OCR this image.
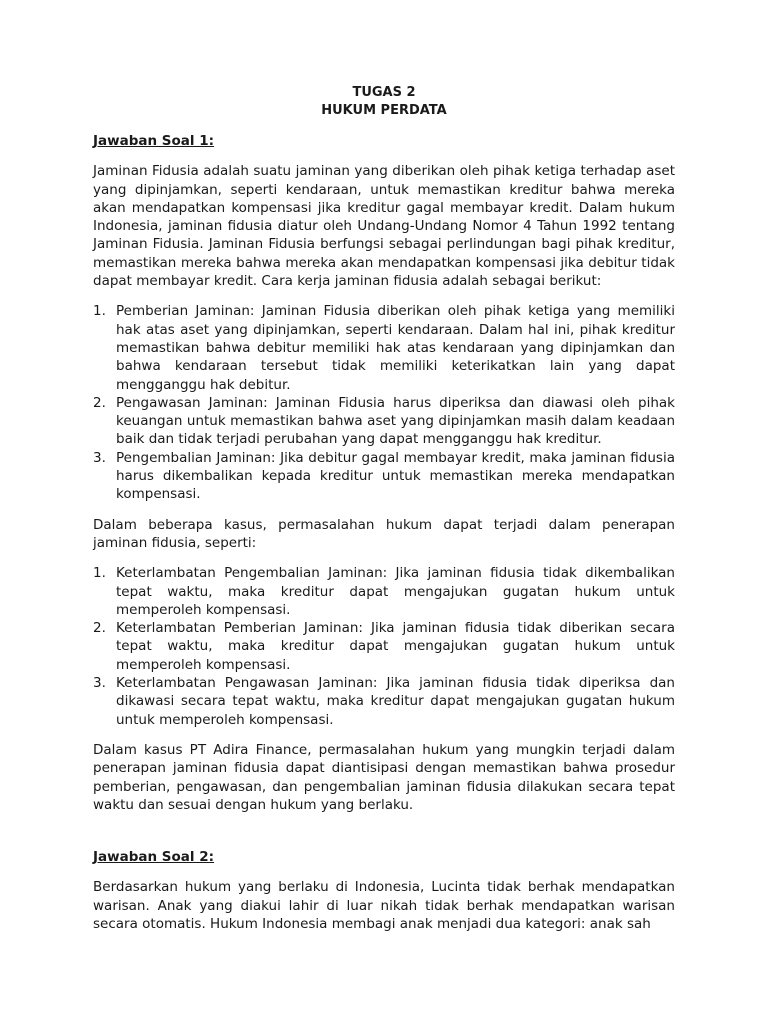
TUGAS 2

HUKUM PERDATA

Jawaban Soal 1:

Jaminan Fidusia adalah suatu jaminan yang diberikan oleh pihak ketiga terhadap aset yang dipinjamkan, seperti kendaraan, untuk memastikan kreditur bahwa mereka akan mendapatkan kompensasi jika kreditur gagal membayar kredit. Dalam hukum Indonesia, jaminan fidusia diatur oleh Undang-Undang Nomor 4 Tahun 1992 tentang Jaminan Fidusia. Jaminan Fidusia berfungsi sebagai perlindungan bagi pihak kreditur, memastikan mereka bahwa mereka akan mendapatkan kompensasi jika debitur tidak dapat membayar kredit. Cara kerja jaminan fidusia adalah sebagai berikut:

1. Pemberian Jaminan: Jaminan Fidusia diberikan oleh pihak ketiga yang memiliki hak atas aset yang dipinjamkan, seperti kendaraan. Dalam hal ini, pihak kreditur memastikan bahwa debitur memiliki hak atas kendaraan yang dipinjamkan dan bahwa kendaraan tersebut tidak memiliki keterikatkan lain yang dapat mengganggu hak debitur.
2. Pengawasan Jaminan: Jaminan Fidusia harus diperiksa dan diawasi oleh pihak keuangan untuk memastikan bahwa aset yang dipinjamkan masih dalam keadaan baik dan tidak terjadi perubahan yang dapat mengganggu hak kreditur.
3. Pengembalian Jaminan: Jika debitur gagal membayar kredit, maka jaminan fidusia harus dikembalikan kepada kreditur untuk memastikan mereka mendapatkan kompensasi.

Dalam beberapa kasus, permasalahan hukum dapat terjadi dalam penerapan jaminan fidusia, seperti:

1. Keterlambatan Pengembalian Jaminan: Jika jaminan fidusia tidak dikembalikan tepat waktu, maka kreditur dapat mengajukan gugatan hukum untuk memperoleh kompensasi.
2. Keterlambatan Pemberian Jaminan: Jika jaminan fidusia tidak diberikan secara tepat waktu, maka kreditur dapat mengajukan gugatan hukum untuk memperoleh kompensasi.
3. Keterlambatan Pengawasan Jaminan: Jika jaminan fidusia tidak diperiksa dan dikawasi secara tepat waktu, maka kreditur dapat mengajukan gugatan hukum untuk memperoleh kompensasi.

Dalam kasus PT Adira Finance, permasalahan hukum yang mungkin terjadi dalam penerapan jaminan fidusia dapat diantisipasi dengan memastikan bahwa prosedur pemberian, pengawasan, dan pengembalian jaminan fidusia dilakukan secara tepat waktu dan sesuai dengan hukum yang berlaku.

Jawaban Soal 2:

Berdasarkan hukum yang berlaku di Indonesia, Lucinta tidak berhak mendapatkan warisan. Anak yang diakui lahir di luar nikah tidak berhak mendapatkan warisan secara otomatis. Hukum Indonesia membagi anak menjadi dua kategori: anak sah
